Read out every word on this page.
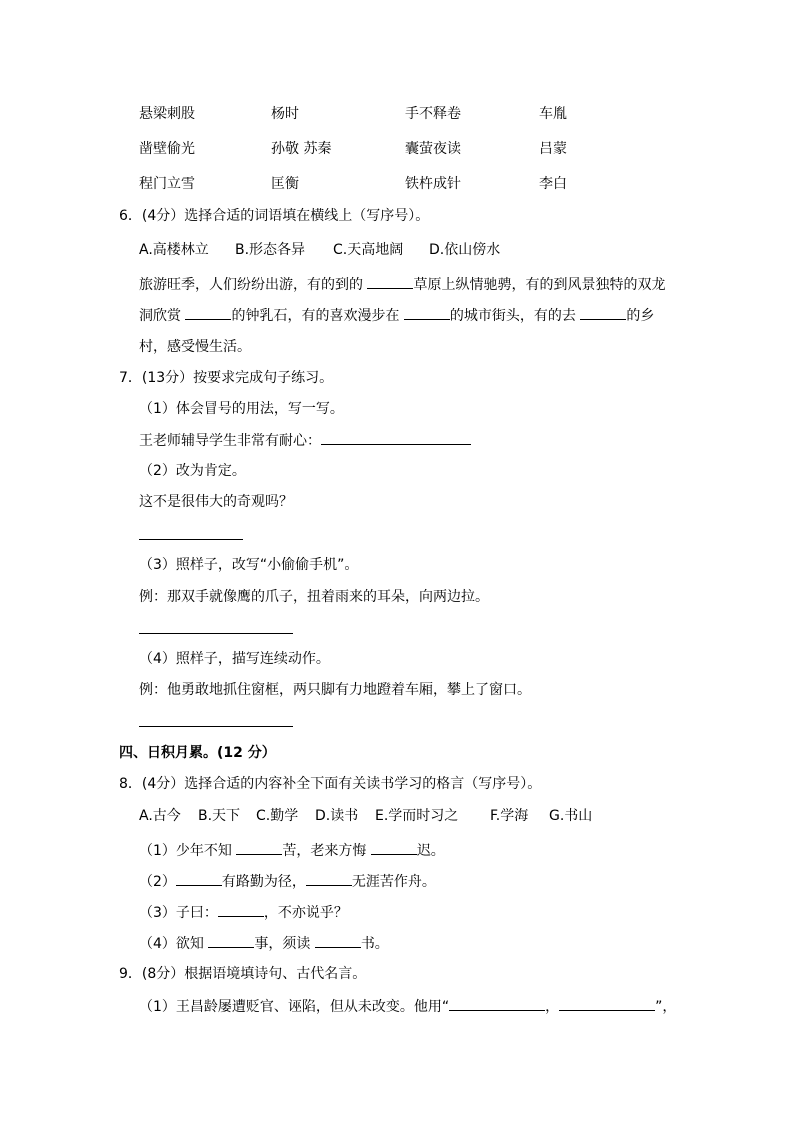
悬梁刺股	杨时	手不释卷	车胤
凿壁偷光	孙敬 苏秦	囊萤夜读	吕蒙
程门立雪	匡衡	铁杵成针	李白
6．(4分）选择合适的词语填在横线上（写序号）。
A.高楼林立 B.形态各异 C.天高地阔 D.依山傍水
旅游旺季，人们纷纷出游，有的到的	草原上纵情驰骋，有的到风景独特的双龙
洞欣赏	的钟乳石，有的喜欢漫步在	的城市街头，有的去	的乡
村，感受慢生活。
7．(13分）按要求完成句子练习。
（1）体会冒号的用法，写一写。
王老师辅导学生非常有耐心：
（2）改为肯定。
这不是很伟大的奇观吗？
（3）照样子，改写“小偷偷手机”。
例：那双手就像鹰的爪子，扭着雨来的耳朵，向两边拉。
（4）照样子，描写连续动作。
例：他勇敢地抓住窗框，两只脚有力地蹬着车厢，攀上了窗口。
四、日积月累。(12 分）
8．(4分）选择合适的内容补全下面有关读书学习的格言（写序号）。
A.古今 B.天下 C.勤学 D.读书 E.学而时习之 F.学海 G.书山
（1）少年不知	苦，老来方悔	迟。
（2）	有路勤为径，	无涯苦作舟。
（3）子曰：	，不亦说乎？
（4）欲知	事，须读	书。
9．(8分）根据语境填诗句、古代名言。
（1）王昌龄屡遭贬官、诬陷，但从未改变。他用“	，	”，
